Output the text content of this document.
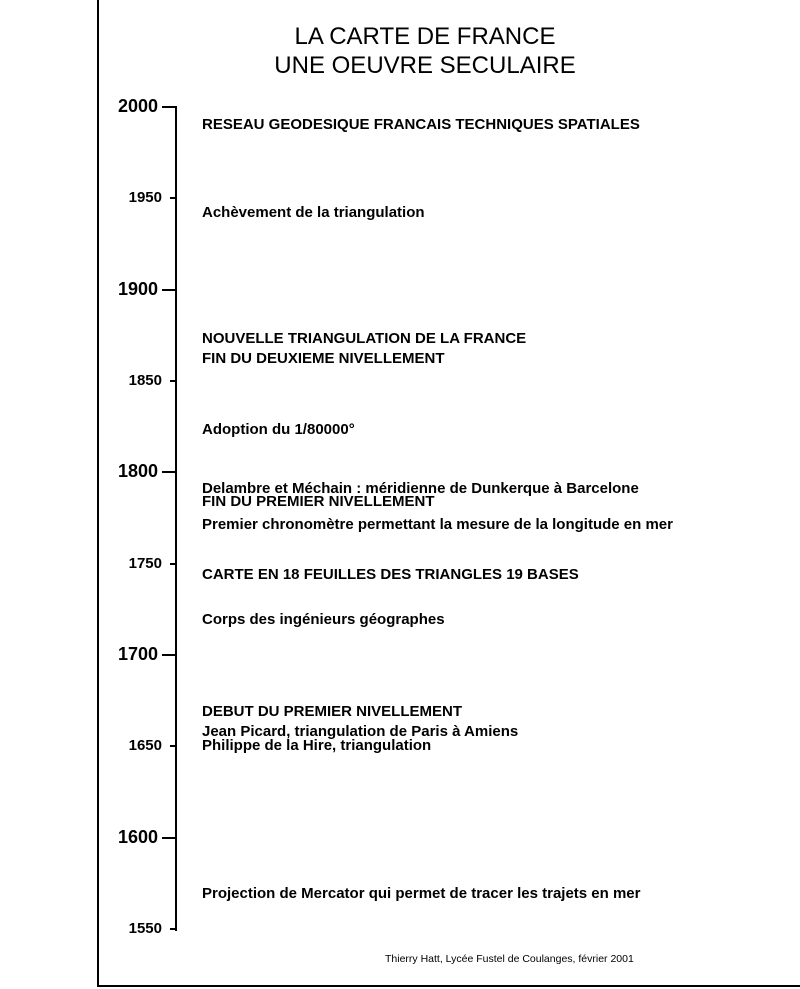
LA CARTE DE FRANCE
UNE OEUVRE SECULAIRE
2000
1950
1900
1850
1800
1750
1700
1650
1600
1550
RESEAU GEODESIQUE FRANCAIS TECHNIQUES SPATIALES
Achèvement de la triangulation
NOUVELLE TRIANGULATION DE LA FRANCE
FIN DU DEUXIEME NIVELLEMENT
Adoption du 1/80000°
Delambre et Méchain : méridienne de Dunkerque à Barcelone
FIN DU PREMIER NIVELLEMENT
Premier chronomètre permettant la mesure de la longitude en mer
CARTE EN 18 FEUILLES DES TRIANGLES 19 BASES
Corps des ingénieurs géographes
DEBUT DU PREMIER NIVELLEMENT
Jean Picard, triangulation de Paris à Amiens
Philippe de la Hire, triangulation
Projection de Mercator qui permet de tracer les trajets en mer
Thierry Hatt, Lycée Fustel de Coulanges, février 2001
